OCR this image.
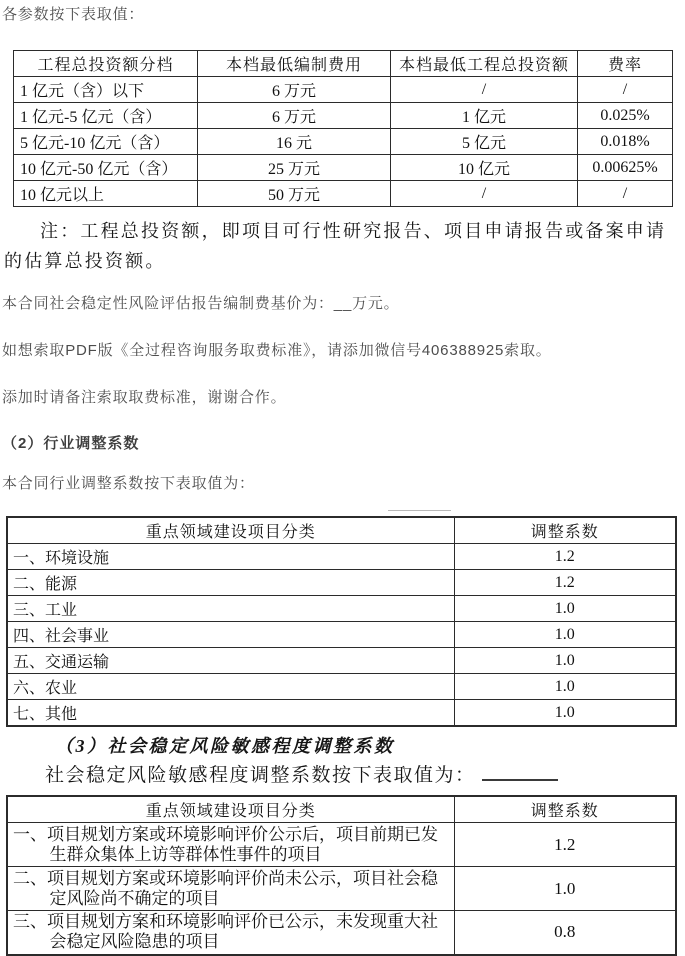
各参数按下表取值：

工程总投资额分档	本档最低编制费用	本档最低工程总投资额	费率
1 亿元（含）以下	6 万元	/	/
1 亿元-5 亿元（含）	6 万元	1 亿元	0.025%
5 亿元-10 亿元（含）	16 元	5 亿元	0.018%
10 亿元-50 亿元（含）	25 万元	10 亿元	0.00625%
10 亿元以上	50 万元	/	/

注：工程总投资额，即项目可行性研究报告、项目申请报告或备案申请的估算总投资额。

本合同社会稳定性风险评估报告编制费基价为：__万元。

如想索取PDF版《全过程咨询服务取费标准》，请添加微信号406388925索取。

添加时请备注索取取费标准，谢谢合作。

（2）行业调整系数

本合同行业调整系数按下表取值为：

重点领域建设项目分类	调整系数
一、环境设施	1.2
二、能源	1.2
三、工业	1.0
四、社会事业	1.0
五、交通运输	1.0
六、农业	1.0
七、其他	1.0
（3）社会稳定风险敏感程度调整系数

社会稳定风险敏感程度调整系数按下表取值为：

重点领域建设项目分类	调整系数
一、项目规划方案或环境影响评价公示后，项目前期已发生群众集体上访等群体性事件的项目	1.2
二、项目规划方案或环境影响评价尚未公示，项目社会稳定风险尚不确定的项目	1.0
三、项目规划方案和环境影响评价已公示，未发现重大社会稳定风险隐患的项目	0.8
